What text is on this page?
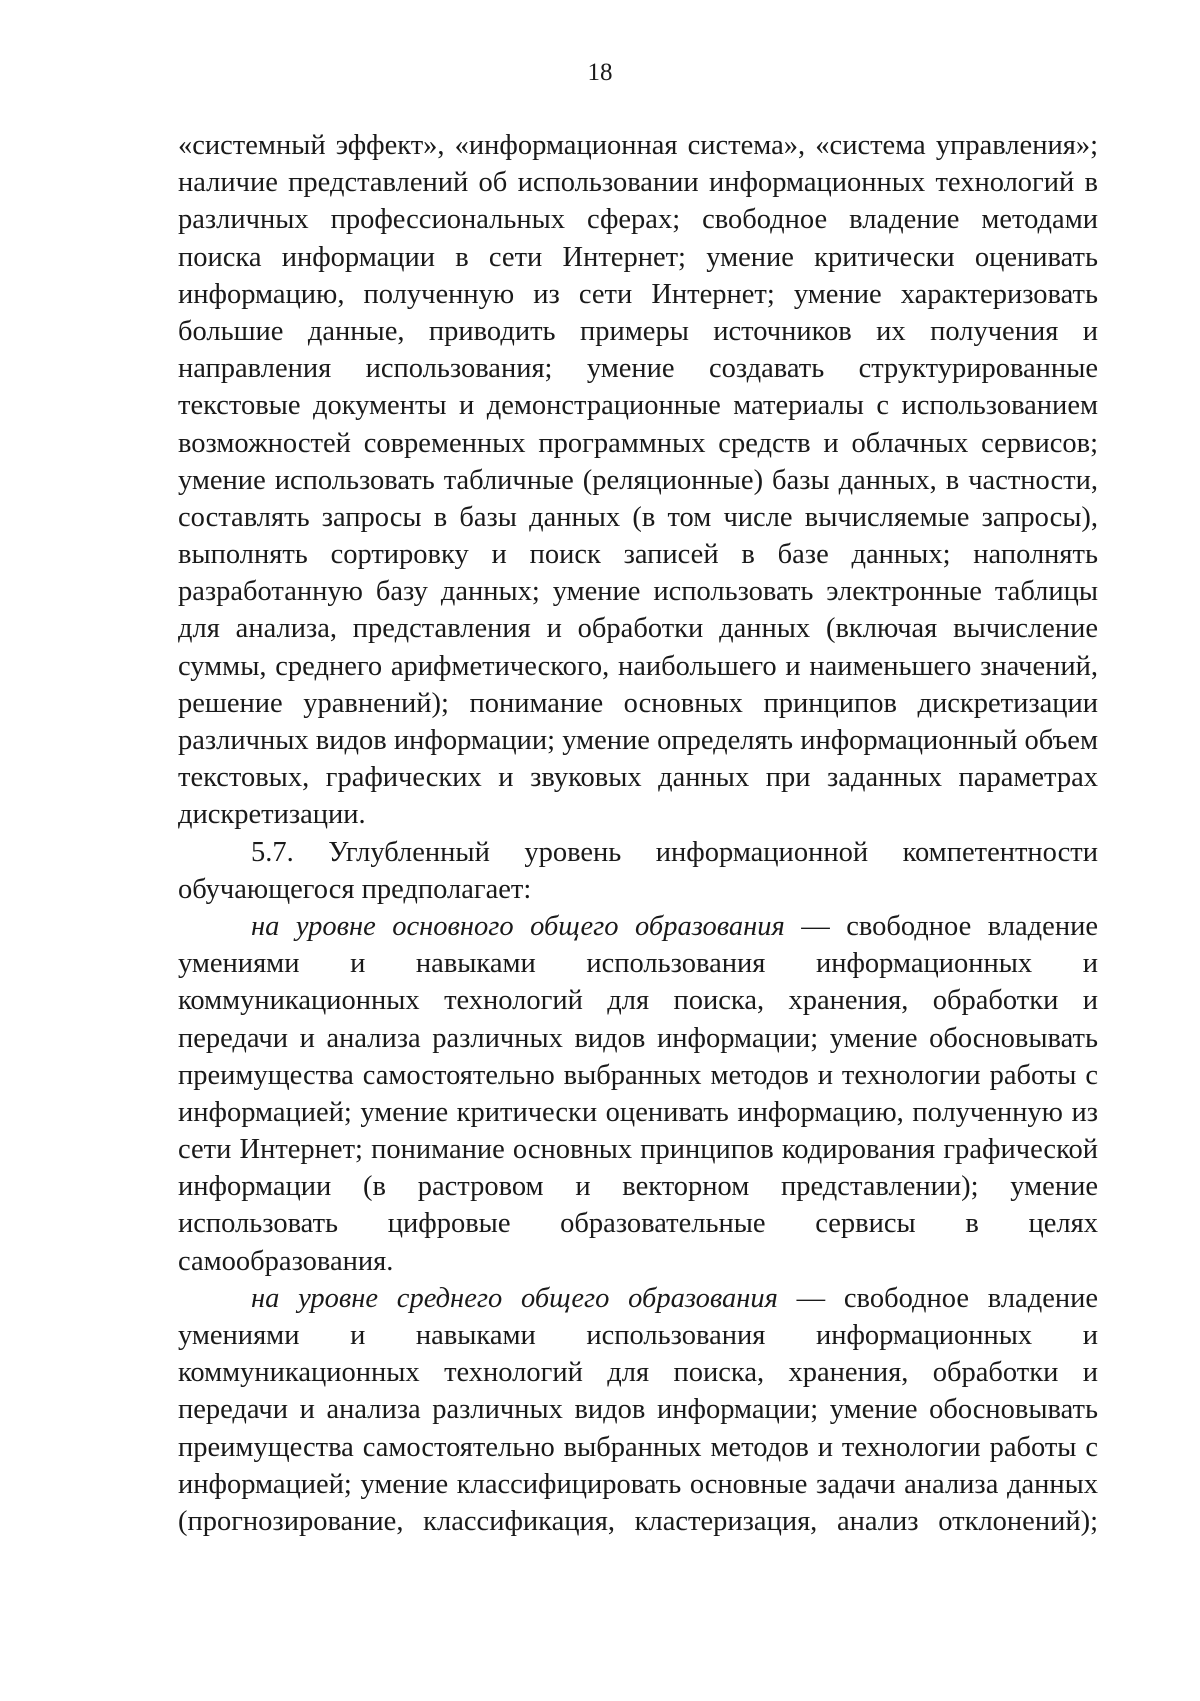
18
«системный эффект», «информационная система», «система управления»;
наличие представлений об использовании информационных технологий в
различных профессиональных сферах; свободное владение методами
поиска информации в сети Интернет; умение критически оценивать
информацию, полученную из сети Интернет; умение характеризовать
большие данные, приводить примеры источников их получения и
направления использования; умение создавать структурированные
текстовые документы и демонстрационные материалы с использованием
возможностей современных программных средств и облачных сервисов;
умение использовать табличные (реляционные) базы данных, в частности,
составлять запросы в базы данных (в том числе вычисляемые запросы),
выполнять сортировку и поиск записей в базе данных; наполнять
разработанную базу данных; умение использовать электронные таблицы
для анализа, представления и обработки данных (включая вычисление
суммы, среднего арифметического, наибольшего и наименьшего значений,
решение уравнений); понимание основных принципов дискретизации
различных видов информации; умение определять информационный объем
текстовых, графических и звуковых данных при заданных параметрах
дискретизации.
5.7. Углубленный уровень информационной компетентности
обучающегося предполагает:
на уровне основного общего образования — свободное владение
умениями и навыками использования информационных и
коммуникационных технологий для поиска, хранения, обработки и
передачи и анализа различных видов информации; умение обосновывать
преимущества самостоятельно выбранных методов и технологии работы с
информацией; умение критически оценивать информацию, полученную из
сети Интернет; понимание основных принципов кодирования графической
информации (в растровом и векторном представлении); умение
использовать цифровые образовательные сервисы в целях
самообразования.
на уровне среднего общего образования — свободное владение
умениями и навыками использования информационных и
коммуникационных технологий для поиска, хранения, обработки и
передачи и анализа различных видов информации; умение обосновывать
преимущества самостоятельно выбранных методов и технологии работы с
информацией; умение классифицировать основные задачи анализа данных
(прогнозирование, классификация, кластеризация, анализ отклонений);
